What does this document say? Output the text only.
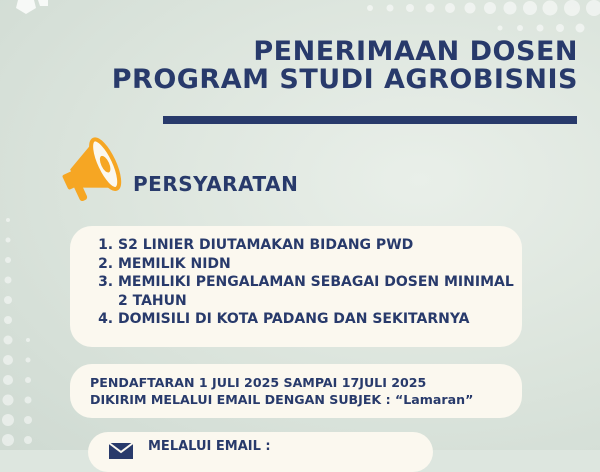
PENERIMAAN DOSEN
PROGRAM STUDI AGROBISNIS
PERSYARATAN
1. S2 LINIER DIUTAMAKAN BIDANG PWD
2. MEMILIK NIDN
3. MEMILIKI PENGALAMAN SEBAGAI DOSEN MINIMAL 2 TAHUN
4. DOMISILI DI KOTA PADANG DAN SEKITARNYA
PENDAFTARAN 1 JULI 2025 SAMPAI 17JULI 2025
DIKIRIM MELALUI EMAIL DENGAN SUBJEK : “Lamaran”
MELALUI EMAIL :
